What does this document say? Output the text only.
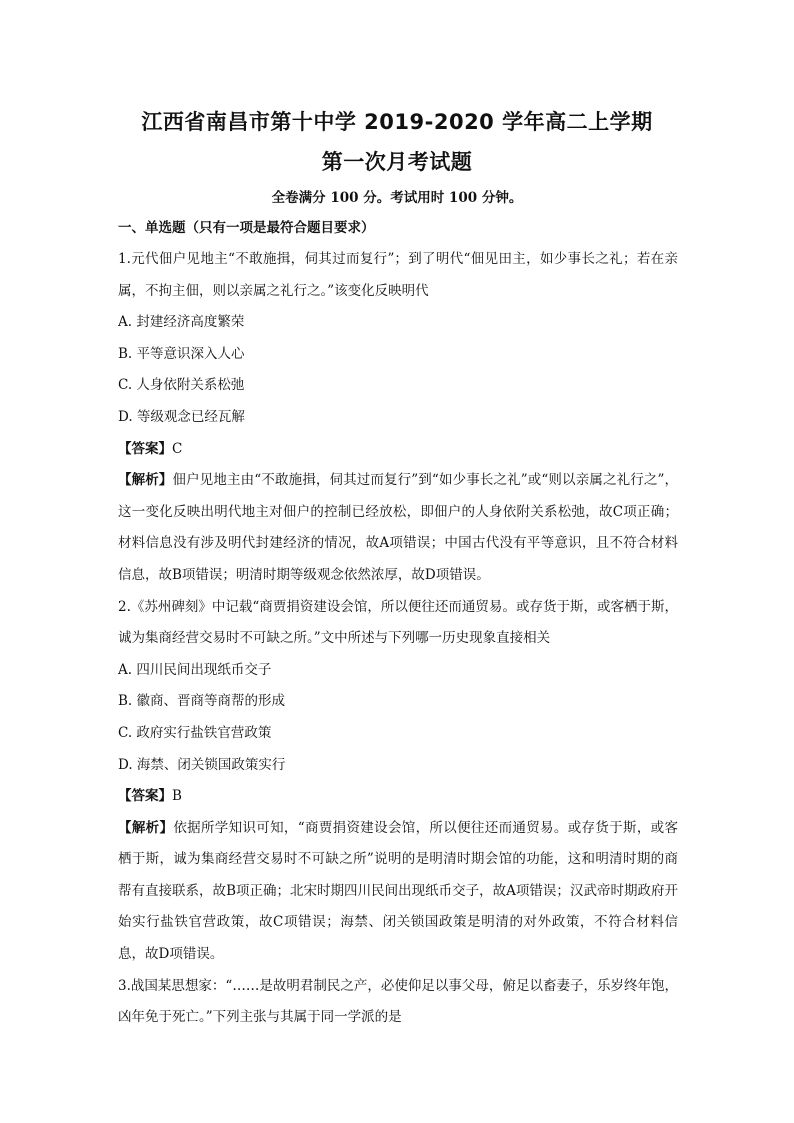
江西省南昌市第十中学 2019-2020 学年高二上学期
第一次月考试题
全卷满分 100 分。考试用时 100 分钟。
一、单选题（只有一项是最符合题目要求）

1.元代佃户见地主“不敢施揖，伺其过而复行”；到了明代“佃见田主，如少事长之礼；若在亲属，不拘主佃，则以亲属之礼行之。”该变化反映明代

A. 封建经济高度繁荣

B. 平等意识深入人心

C. 人身依附关系松弛

D. 等级观念已经瓦解

【答案】C

【解析】佃户见地主由“不敢施揖，伺其过而复行”到“如少事长之礼”或“则以亲属之礼行之”，这一变化反映出明代地主对佃户的控制已经放松，即佃户的人身依附关系松弛，故C项正确；材料信息没有涉及明代封建经济的情况，故A项错误；中国古代没有平等意识，且不符合材料信息，故B项错误；明清时期等级观念依然浓厚，故D项错误。

2.《苏州碑刻》中记载“商贾捐资建设会馆，所以便往还而通贸易。或存货于斯，或客栖于斯，诚为集商经营交易时不可缺之所。”文中所述与下列哪一历史现象直接相关

A. 四川民间出现纸币交子

B. 徽商、晋商等商帮的形成

C. 政府实行盐铁官营政策

D. 海禁、闭关锁国政策实行

【答案】B

【解析】依据所学知识可知，“商贾捐资建设会馆，所以便往还而通贸易。或存货于斯，或客栖于斯，诚为集商经营交易时不可缺之所”说明的是明清时期会馆的功能，这和明清时期的商帮有直接联系，故B项正确；北宋时期四川民间出现纸币交子，故A项错误；汉武帝时期政府开始实行盐铁官营政策，故C项错误；海禁、闭关锁国政策是明清的对外政策，不符合材料信息，故D项错误。

3.战国某思想家：“……是故明君制民之产，必使仰足以事父母，俯足以畜妻子，乐岁终年饱，凶年免于死亡。”下列主张与其属于同一学派的是
